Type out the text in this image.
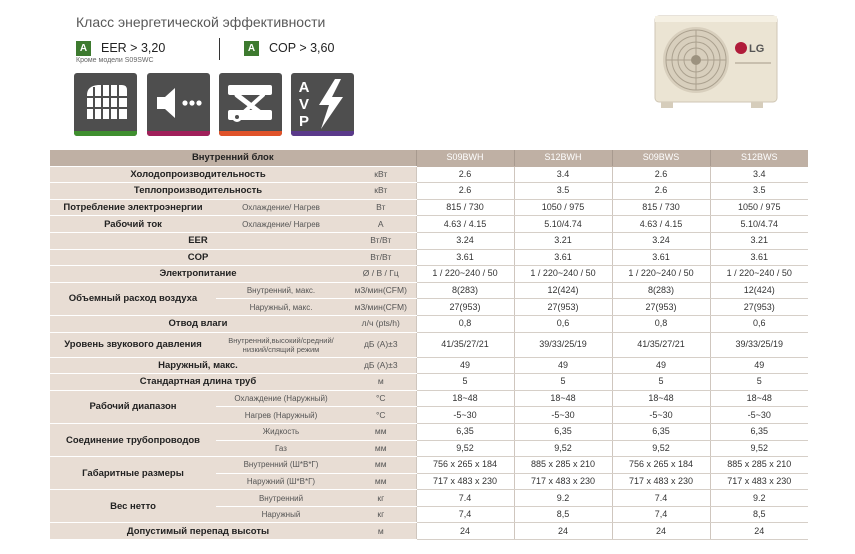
Класс энергетической эффективности
A	EER > 3,20	A	COP > 3,60
Кроме модели S09SWC
A
V
P
LG
Внутренний блок			S09BWH	S12BWH	S09BWS	S12BWS
Холодопроизводительность		кВт	2.6	3.4	2.6	3.4
Теплопроизводительность		кВт	2.6	3.5	2.6	3.5
Потребление электроэнергии	Охлаждение/ Нагрев	Вт	815 / 730	1050 / 975	815 / 730	1050 / 975
Рабочий ток	Охлаждение/ Нагрев	А	4.63 / 4.15	5.10/4.74	4.63 / 4.15	5.10/4.74
EER		Вт/Вт	3.24	3.21	3.24	3.21
COP		Вт/Вт	3.61	3.61	3.61	3.61
Электропитание		Ø / В / Гц	1 / 220~240 / 50	1 / 220~240 / 50	1 / 220~240 / 50	1 / 220~240 / 50
Объемный расход воздуха	Внутренний, макс.	м3/мин(CFM)	8(283)	12(424)	8(283)	12(424)
	Наружный, макс.	м3/мин(CFM)	27(953)	27(953)	27(953)	27(953)
Отвод влаги		л/ч (pts/h)	0,8	0,6	0,8	0,6
Уровень звукового давления	Внутренний,высокий/средний/ низкий/спящий режим	дБ (А)±3	41/35/27/21	39/33/25/19	41/35/27/21	39/33/25/19
Наружный, макс.		дБ (А)±3	49	49	49	49
Стандартная длина труб		м	5	5	5	5
Рабочий диапазон	Охлаждение (Наружный)	°C	18~48	18~48	18~48	18~48
	Нагрев (Наружный)	°C	-5~30	-5~30	-5~30	-5~30
Соединение трубопроводов	Жидкость	мм	6,35	6,35	6,35	6,35
	Газ	мм	9,52	9,52	9,52	9,52
Габаритные размеры	Внутренний (Ш*В*Г)	мм	756 x 265 x 184	885 x 285 x 210	756 x 265 x 184	885 x 285 x 210
	Наружний (Ш*В*Г)	мм	717 x 483 x 230	717 x 483 x 230	717 x 483 x 230	717 x 483 x 230
Вес нетто	Внутренний	кг	7.4	9.2	7.4	9.2
	Наружный	кг	7,4	8,5	7,4	8,5
Допустимый перепад высоты		м	24	24	24	24
